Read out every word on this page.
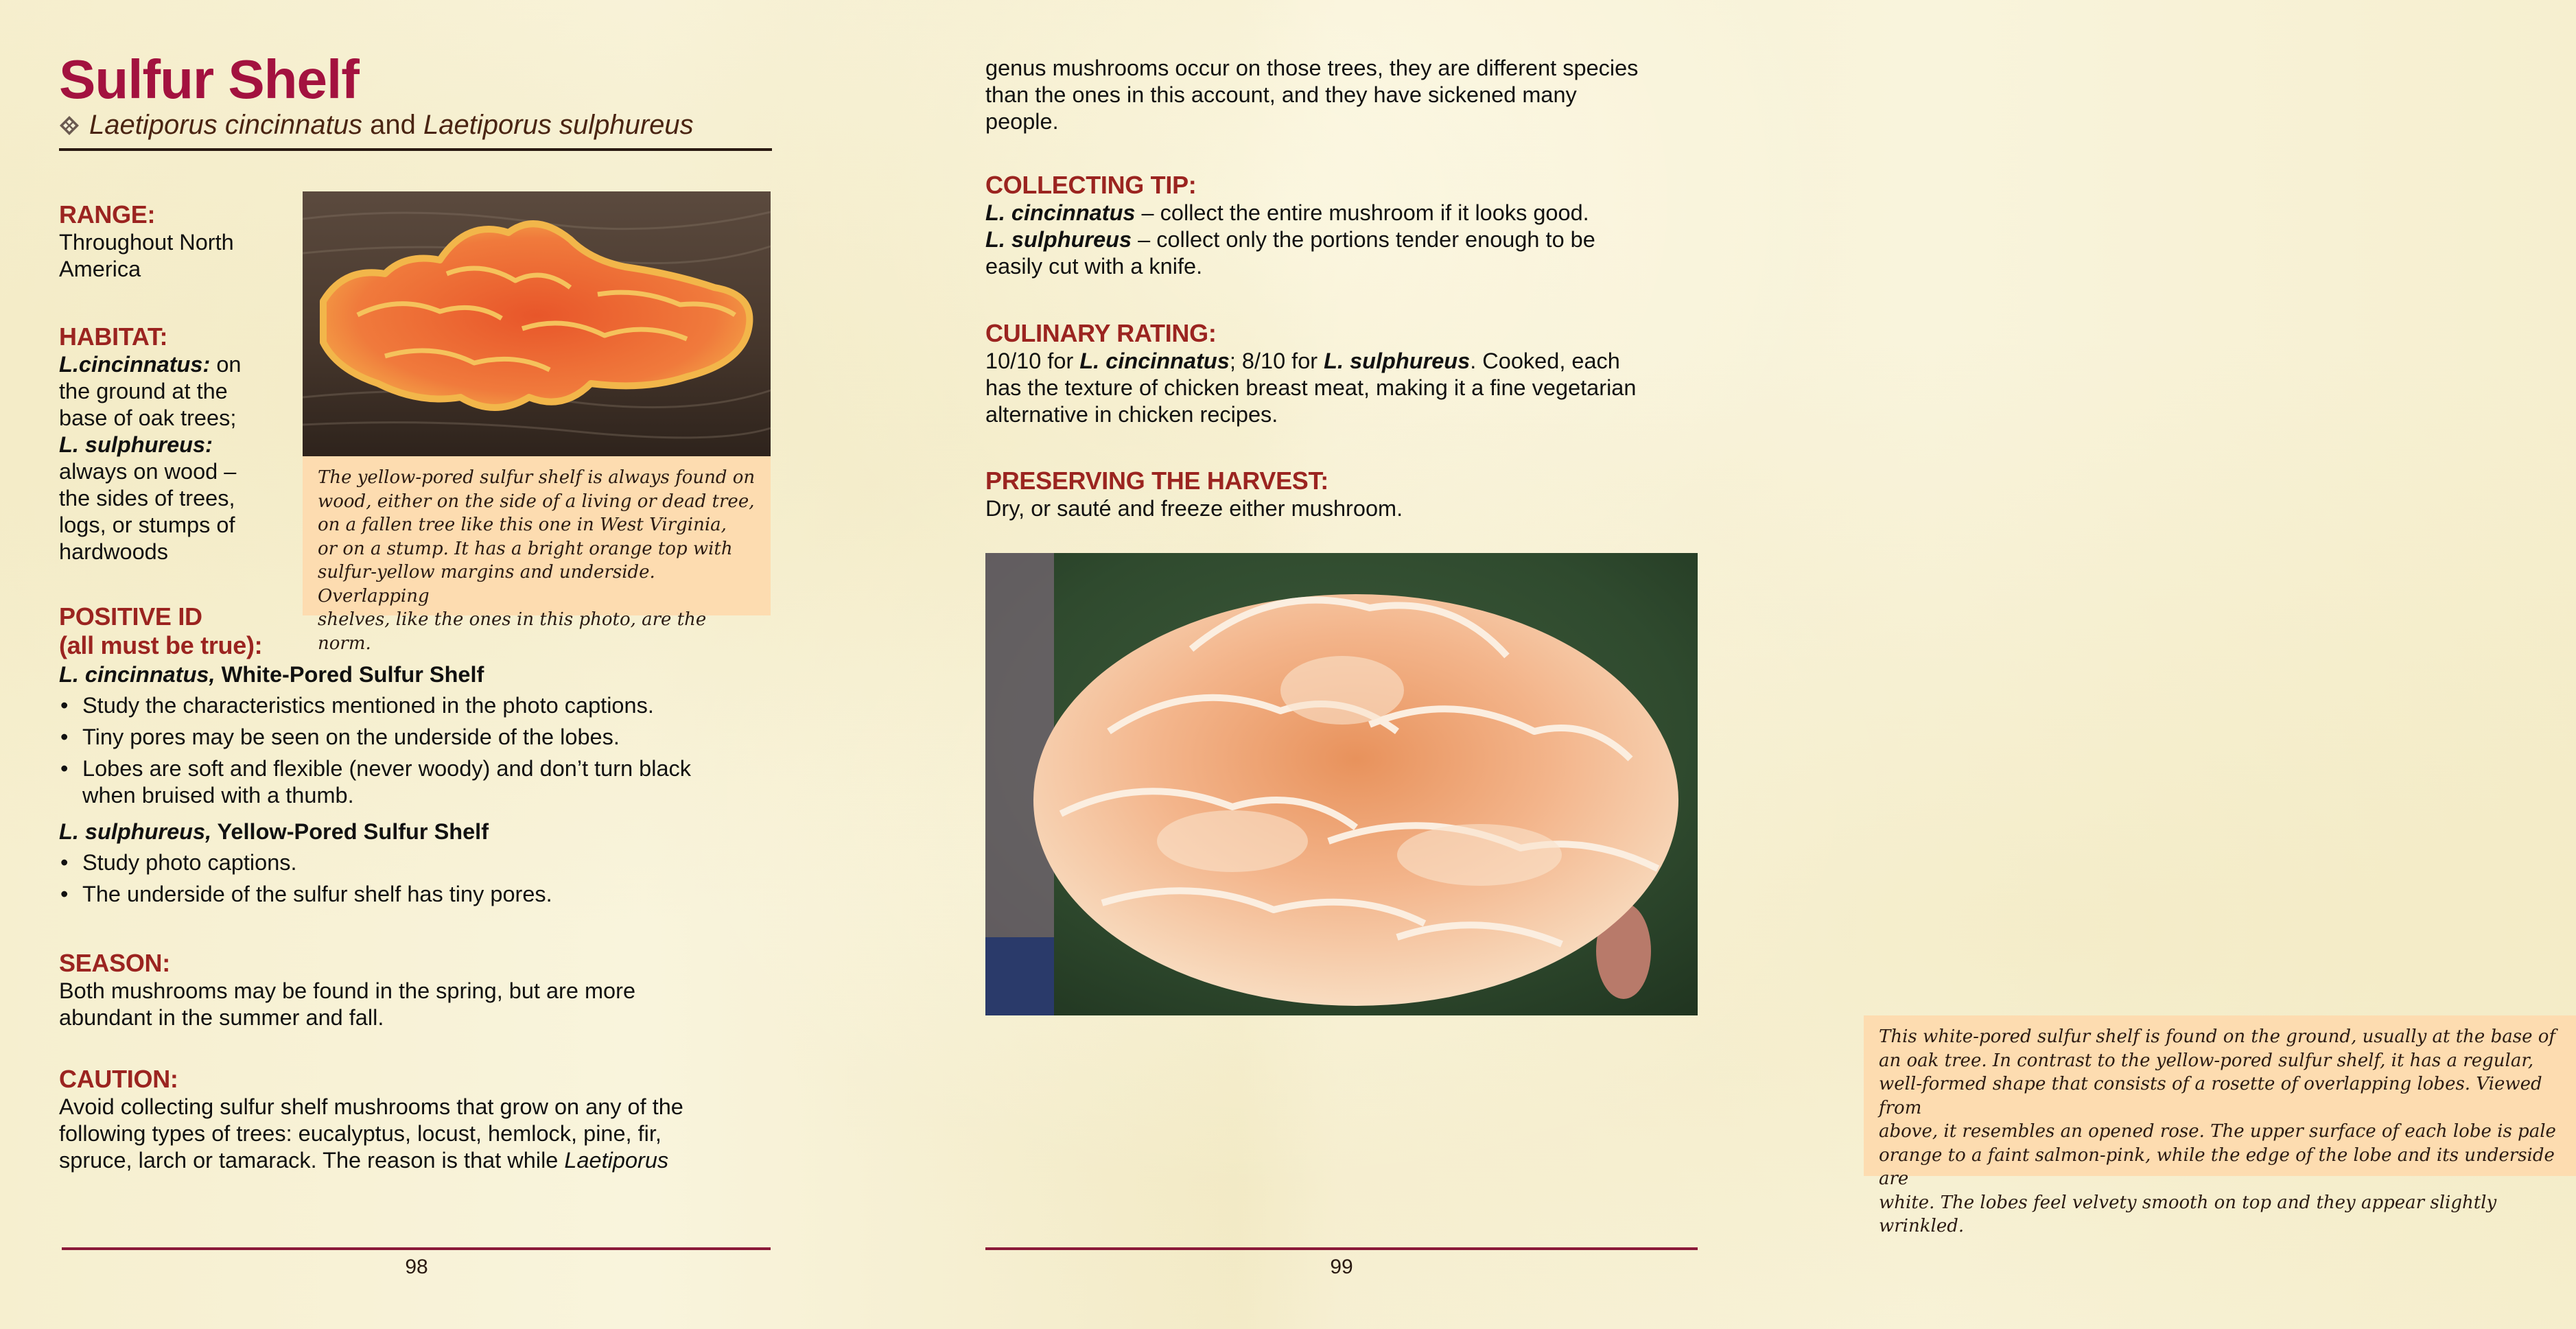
Sulfur Shelf
Laetiporus cincinnatus and Laetiporus sulphureus
RANGE:

Throughout North

America

HABITAT:

L.cincinnatus: on

the ground at the

base of oak trees;

L. sulphureus:

always on wood –

the sides of trees,

logs, or stumps of

hardwoods

The yellow-pored sulfur shelf is always found on
wood, either on the side of a living or dead tree,
on a fallen tree like this one in West Virginia,
or on a stump. It has a bright orange top with
sulfur-yellow margins and underside. Overlapping
shelves, like the ones in this photo, are the norm.
POSITIVE ID
(all must be true):

L. cincinnatus, White-Pored Sulfur Shelf

• Study the characteristics mentioned in the photo captions.
• Tiny pores may be seen on the underside of the lobes.
• Lobes are soft and flexible (never woody) and don’t turn black when bruised with a thumb.

L. sulphureus, Yellow-Pored Sulfur Shelf

• Study photo captions.
• The underside of the sulfur shelf has tiny pores.
SEASON:

Both mushrooms may be found in the spring, but are more

abundant in the summer and fall.

CAUTION:

Avoid collecting sulfur shelf mushrooms that grow on any of the

following types of trees: eucalyptus, locust, hemlock, pine, fir,

spruce, larch or tamarack. The reason is that while Laetiporus

98

genus mushrooms occur on those trees, they are different species

than the ones in this account, and they have sickened many

people.

COLLECTING TIP:

L. cincinnatus – collect the entire mushroom if it looks good.

L. sulphureus – collect only the portions tender enough to be

easily cut with a knife.

CULINARY RATING:

10/10 for L. cincinnatus; 8/10 for L. sulphureus. Cooked, each

has the texture of chicken breast meat, making it a fine vegetarian

alternative in chicken recipes.

PRESERVING THE HARVEST:

Dry, or sauté and freeze either mushroom.

This white-pored sulfur shelf is found on the ground, usually at the base of
an oak tree. In contrast to the yellow-pored sulfur shelf, it has a regular,
well-formed shape that consists of a rosette of overlapping lobes. Viewed from
above, it resembles an opened rose. The upper surface of each lobe is pale
orange to a faint salmon-pink, while the edge of the lobe and its underside are
white. The lobes feel velvety smooth on top and they appear slightly wrinkled.
99
